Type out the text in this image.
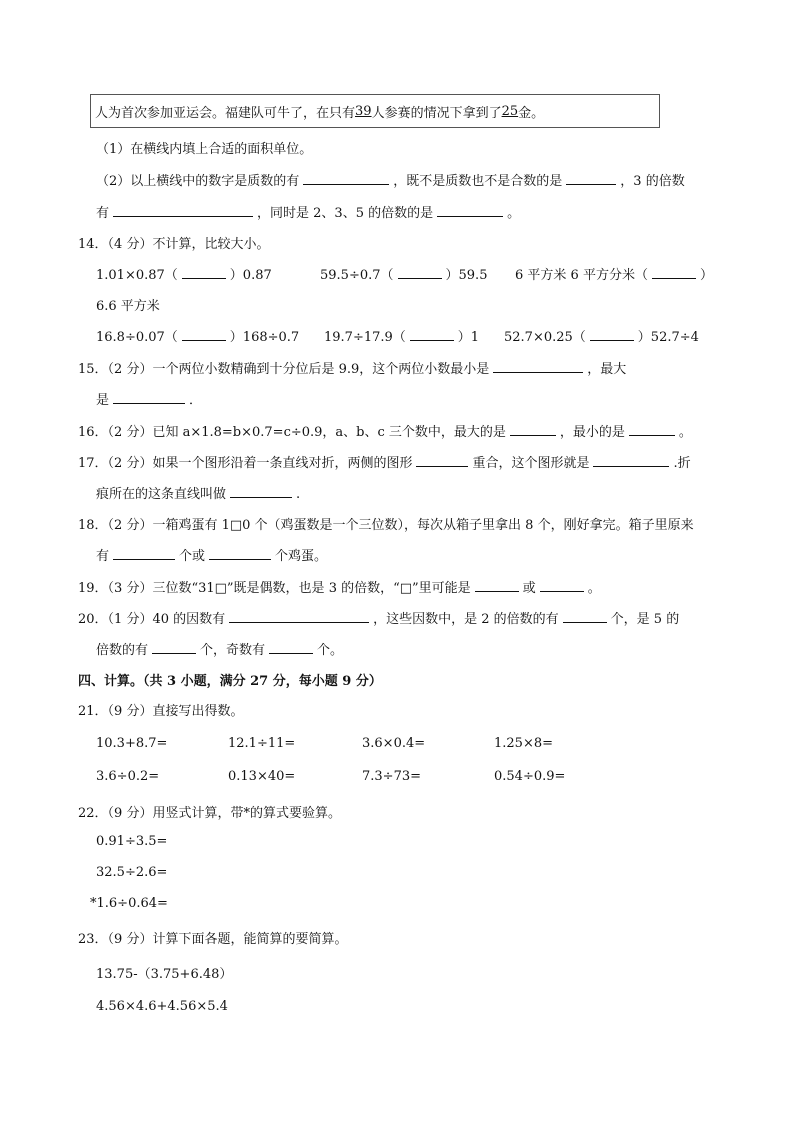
人为首次参加亚运会。福建队可牛了，在只有 39 人参赛的情况下拿到了 25 金。
（1）在横线内填上合适的面积单位。
（2）以上横线中的数字是质数的有	，既不是质数也不是合数的是	，3 的倍数
有	，同时是 2、3、5 的倍数的是	。
14．（4 分）不计算，比较大小。
1.01×0.87（	）0.87	59.5÷0.7（	）59.5 6 平方米 6 平方分米（	）
6.6 平方米
16.8÷0.07（	）168÷0.7 19.7÷17.9（	）1 52.7×0.25（	）52.7÷4
15．（2 分）一个两位小数精确到十分位后是 9.9，这个两位小数最小是	，最大
是	．
16．（2 分）已知 a×1.8=b×0.7=c÷0.9，a、b、c 三个数中，最大的是	，最小的是	。
17．（2 分）如果一个图形沿着一条直线对折，两侧的图形	重合，这个图形就是	.折
痕所在的这条直线叫做	.
18．（2 分）一箱鸡蛋有 1□0 个（鸡蛋数是一个三位数），每次从箱子里拿出 8 个，刚好拿完。箱子里原来
有	个或	个鸡蛋。
19．（3 分）三位数“31□”既是偶数，也是 3 的倍数，“□”里可能是	或	。
20．（1 分）40 的因数有	，这些因数中，是 2 的倍数的有	个，是 5 的
倍数的有	个，奇数有	个。
四、计算。（共 3 小题，满分 27 分，每小题 9 分）
21．（9 分）直接写出得数。
10.3+8.7=	12.1÷11=	3.6×0.4=	1.25×8=
3.6÷0.2=	0.13×40=	7.3÷73=	0.54÷0.9=
22．（9 分）用竖式计算，带*的算式要验算。
0.91÷3.5=
32.5÷2.6=
*1.6÷0.64=
23．（9 分）计算下面各题，能简算的要简算。
13.75-（3.75+6.48）
4.56×4.6+4.56×5.4
